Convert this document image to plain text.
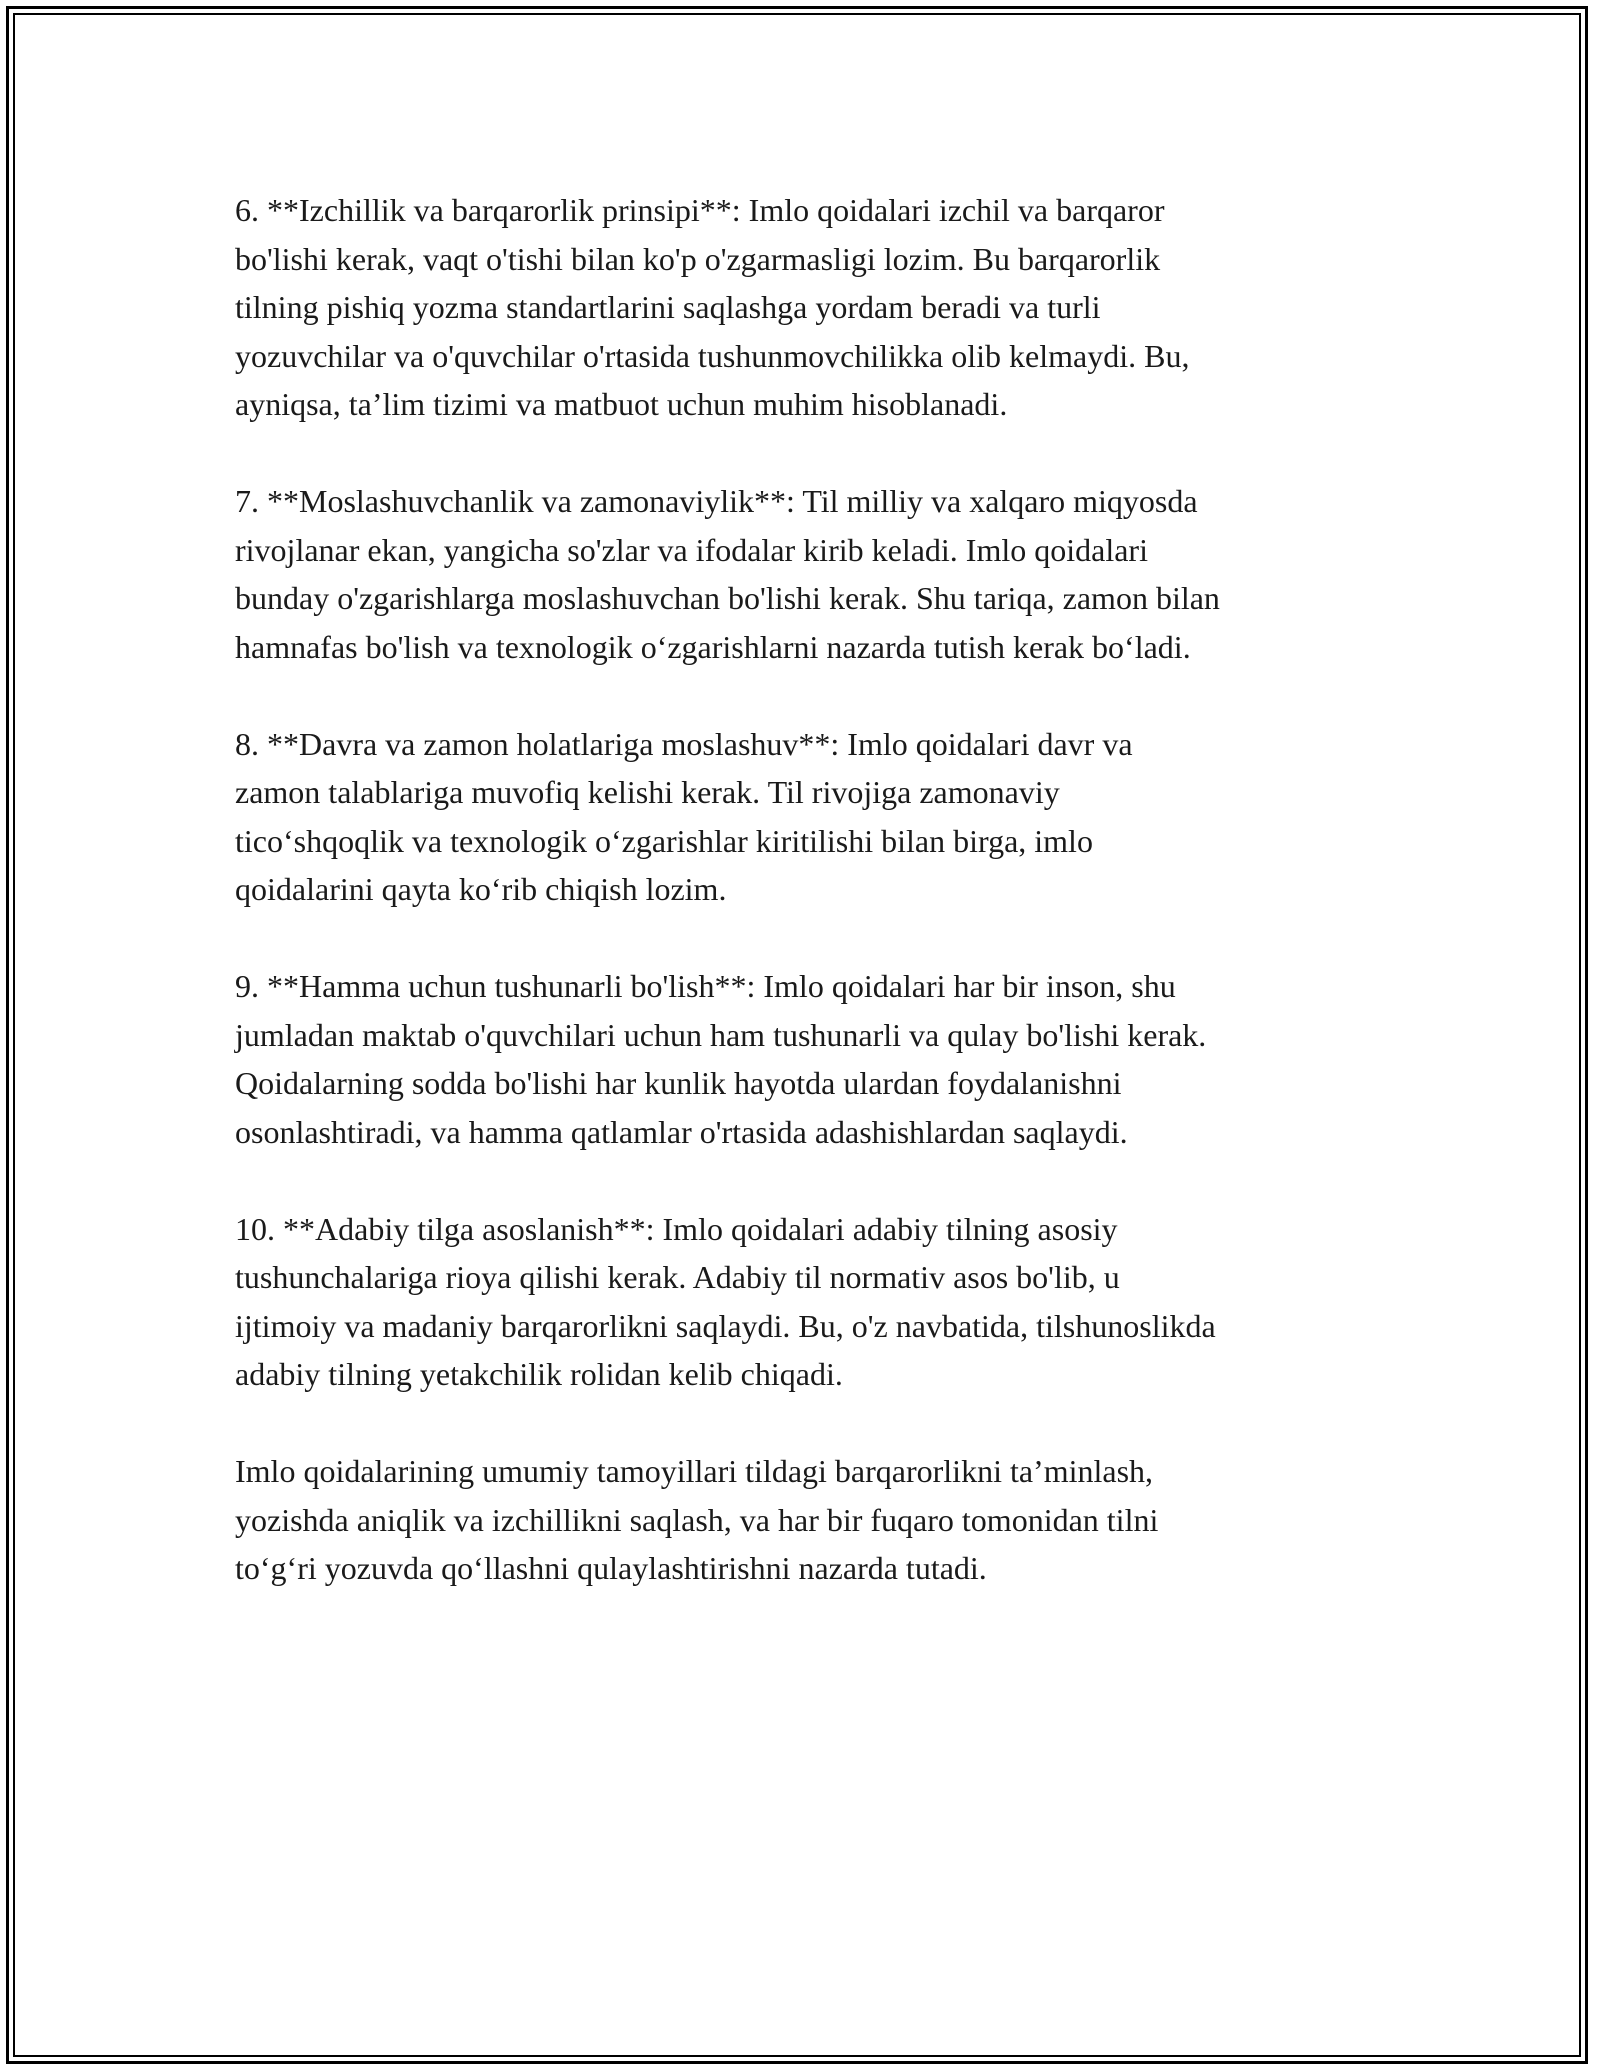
6. **Izchillik va barqarorlik prinsipi**: Imlo qoidalari izchil va barqaror
bo'lishi kerak, vaqt o'tishi bilan ko'p o'zgarmasligi lozim. Bu barqarorlik
tilning pishiq yozma standartlarini saqlashga yordam beradi va turli
yozuvchilar va o'quvchilar o'rtasida tushunmovchilikka olib kelmaydi. Bu,
ayniqsa, ta’lim tizimi va matbuot uchun muhim hisoblanadi.

7. **Moslashuvchanlik va zamonaviylik**: Til milliy va xalqaro miqyosda
rivojlanar ekan, yangicha so'zlar va ifodalar kirib keladi. Imlo qoidalari
bunday o'zgarishlarga moslashuvchan bo'lishi kerak. Shu tariqa, zamon bilan
hamnafas bo'lish va texnologik o‘zgarishlarni nazarda tutish kerak bo‘ladi.

8. **Davra va zamon holatlariga moslashuv**: Imlo qoidalari davr va
zamon talablariga muvofiq kelishi kerak. Til rivojiga zamonaviy
tico‘shqoqlik va texnologik o‘zgarishlar kiritilishi bilan birga, imlo
qoidalarini qayta ko‘rib chiqish lozim.

9. **Hamma uchun tushunarli bo'lish**: Imlo qoidalari har bir inson, shu
jumladan maktab o'quvchilari uchun ham tushunarli va qulay bo'lishi kerak.
Qoidalarning sodda bo'lishi har kunlik hayotda ulardan foydalanishni
osonlashtiradi, va hamma qatlamlar o'rtasida adashishlardan saqlaydi.

10. **Adabiy tilga asoslanish**: Imlo qoidalari adabiy tilning asosiy
tushunchalariga rioya qilishi kerak. Adabiy til normativ asos bo'lib, u
ijtimoiy va madaniy barqarorlikni saqlaydi. Bu, o'z navbatida, tilshunoslikda
adabiy tilning yetakchilik rolidan kelib chiqadi.

Imlo qoidalarining umumiy tamoyillari tildagi barqarorlikni ta’minlash,
yozishda aniqlik va izchillikni saqlash, va har bir fuqaro tomonidan tilni
to‘g‘ri yozuvda qo‘llashni qulaylashtirishni nazarda tutadi.
